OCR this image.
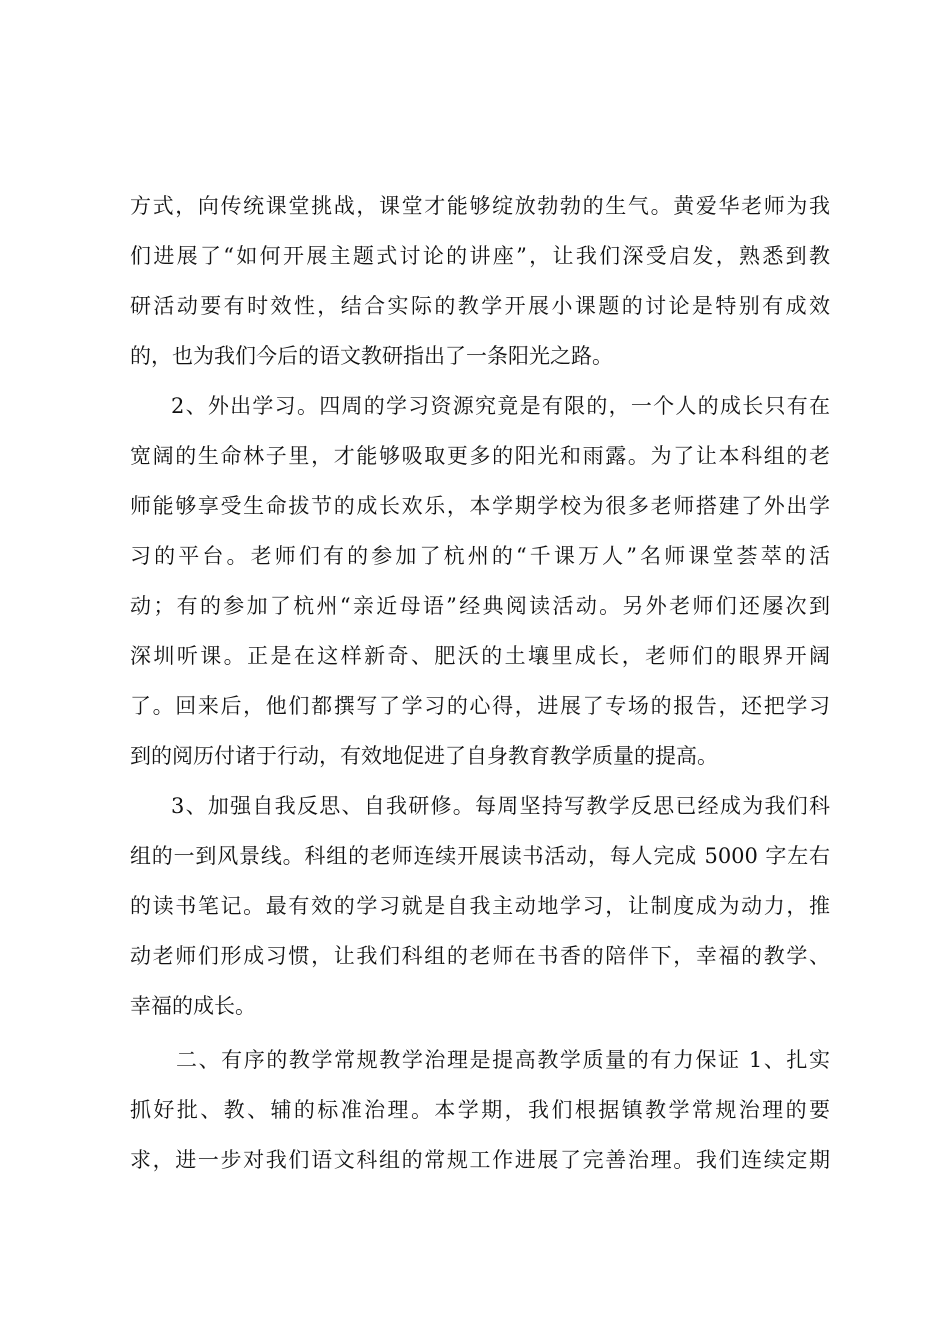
方式，向传统课堂挑战，课堂才能够绽放勃勃的生气。黄爱华老师为我
们进展了“如何开展主题式讨论的讲座”，让我们深受启发，熟悉到教
研活动要有时效性，结合实际的教学开展小课题的讨论是特别有成效
的，也为我们今后的语文教研指出了一条阳光之路。
2、外出学习。四周的学习资源究竟是有限的，一个人的成长只有在
宽阔的生命林子里，才能够吸取更多的阳光和雨露。为了让本科组的老
师能够享受生命拔节的成长欢乐，本学期学校为很多老师搭建了外出学
习的平台。老师们有的参加了杭州的“千课万人”名师课堂荟萃的活
动；有的参加了杭州“亲近母语”经典阅读活动。另外老师们还屡次到
深圳听课。正是在这样新奇、肥沃的土壤里成长，老师们的眼界开阔
了。回来后，他们都撰写了学习的心得，进展了专场的报告，还把学习
到的阅历付诸于行动，有效地促进了自身教育教学质量的提高。
3、加强自我反思、自我研修。每周坚持写教学反思已经成为我们科
组的一到风景线。科组的老师连续开展读书活动，每人完成 5000 字左右
的读书笔记。最有效的学习就是自我主动地学习，让制度成为动力，推
动老师们形成习惯，让我们科组的老师在书香的陪伴下，幸福的教学、
幸福的成长。
二、有序的教学常规教学治理是提高教学质量的有力保证 1、扎实
抓好批、教、辅的标准治理。本学期，我们根据镇教学常规治理的要
求，进一步对我们语文科组的常规工作进展了完善治理。我们连续定期
